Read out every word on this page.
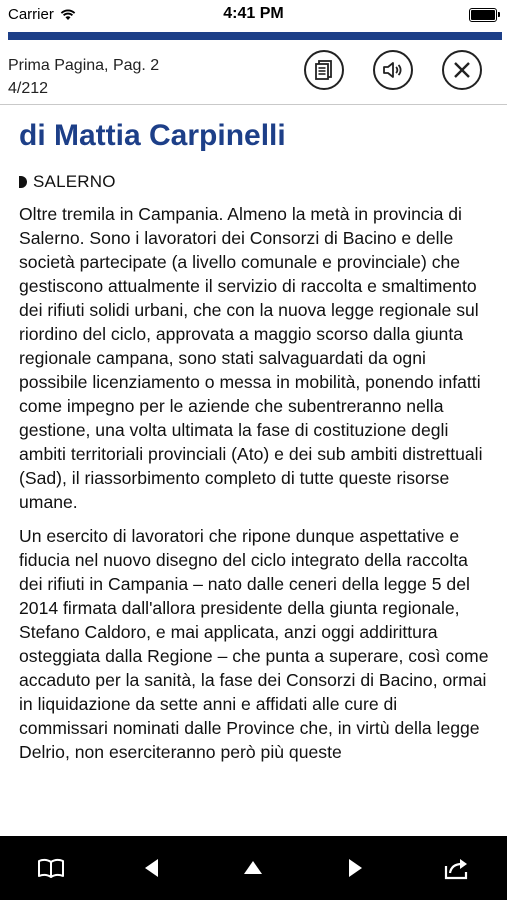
Carrier	4:41 PM
Prima Pagina, Pag. 2
4/212
di Mattia Carpinelli
SALERNO

Oltre tremila in Campania. Almeno la metà in provincia di Salerno. Sono i lavoratori dei Consorzi di Bacino e delle società partecipate (a livello comunale e provinciale) che gestiscono attualmente il servizio di raccolta e smaltimento dei rifiuti solidi urbani, che con la nuova legge regionale sul riordino del ciclo, approvata a maggio scorso dalla giunta regionale campana, sono stati salvaguardati da ogni possibile licenziamento o messa in mobilità, ponendo infatti come impegno per le aziende che subentreranno nella gestione, una volta ultimata la fase di costituzione degli ambiti territoriali provinciali (Ato) e dei sub ambiti distrettuali (Sad), il riassorbimento completo di tutte queste risorse umane.

Un esercito di lavoratori che ripone dunque aspettative e fiducia nel nuovo disegno del ciclo integrato della raccolta dei rifiuti in Campania – nato dalle ceneri della legge 5 del 2014 firmata dall'allora presidente della giunta regionale, Stefano Caldoro, e mai applicata, anzi oggi addirittura osteggiata dalla Regione – che punta a superare, così come accaduto per la sanità, la fase dei Consorzi di Bacino, ormai in liquidazione da sette anni e affidati alle cure di commissari nominati dalle Province che, in virtù della legge Delrio, non eserciteranno però più queste
